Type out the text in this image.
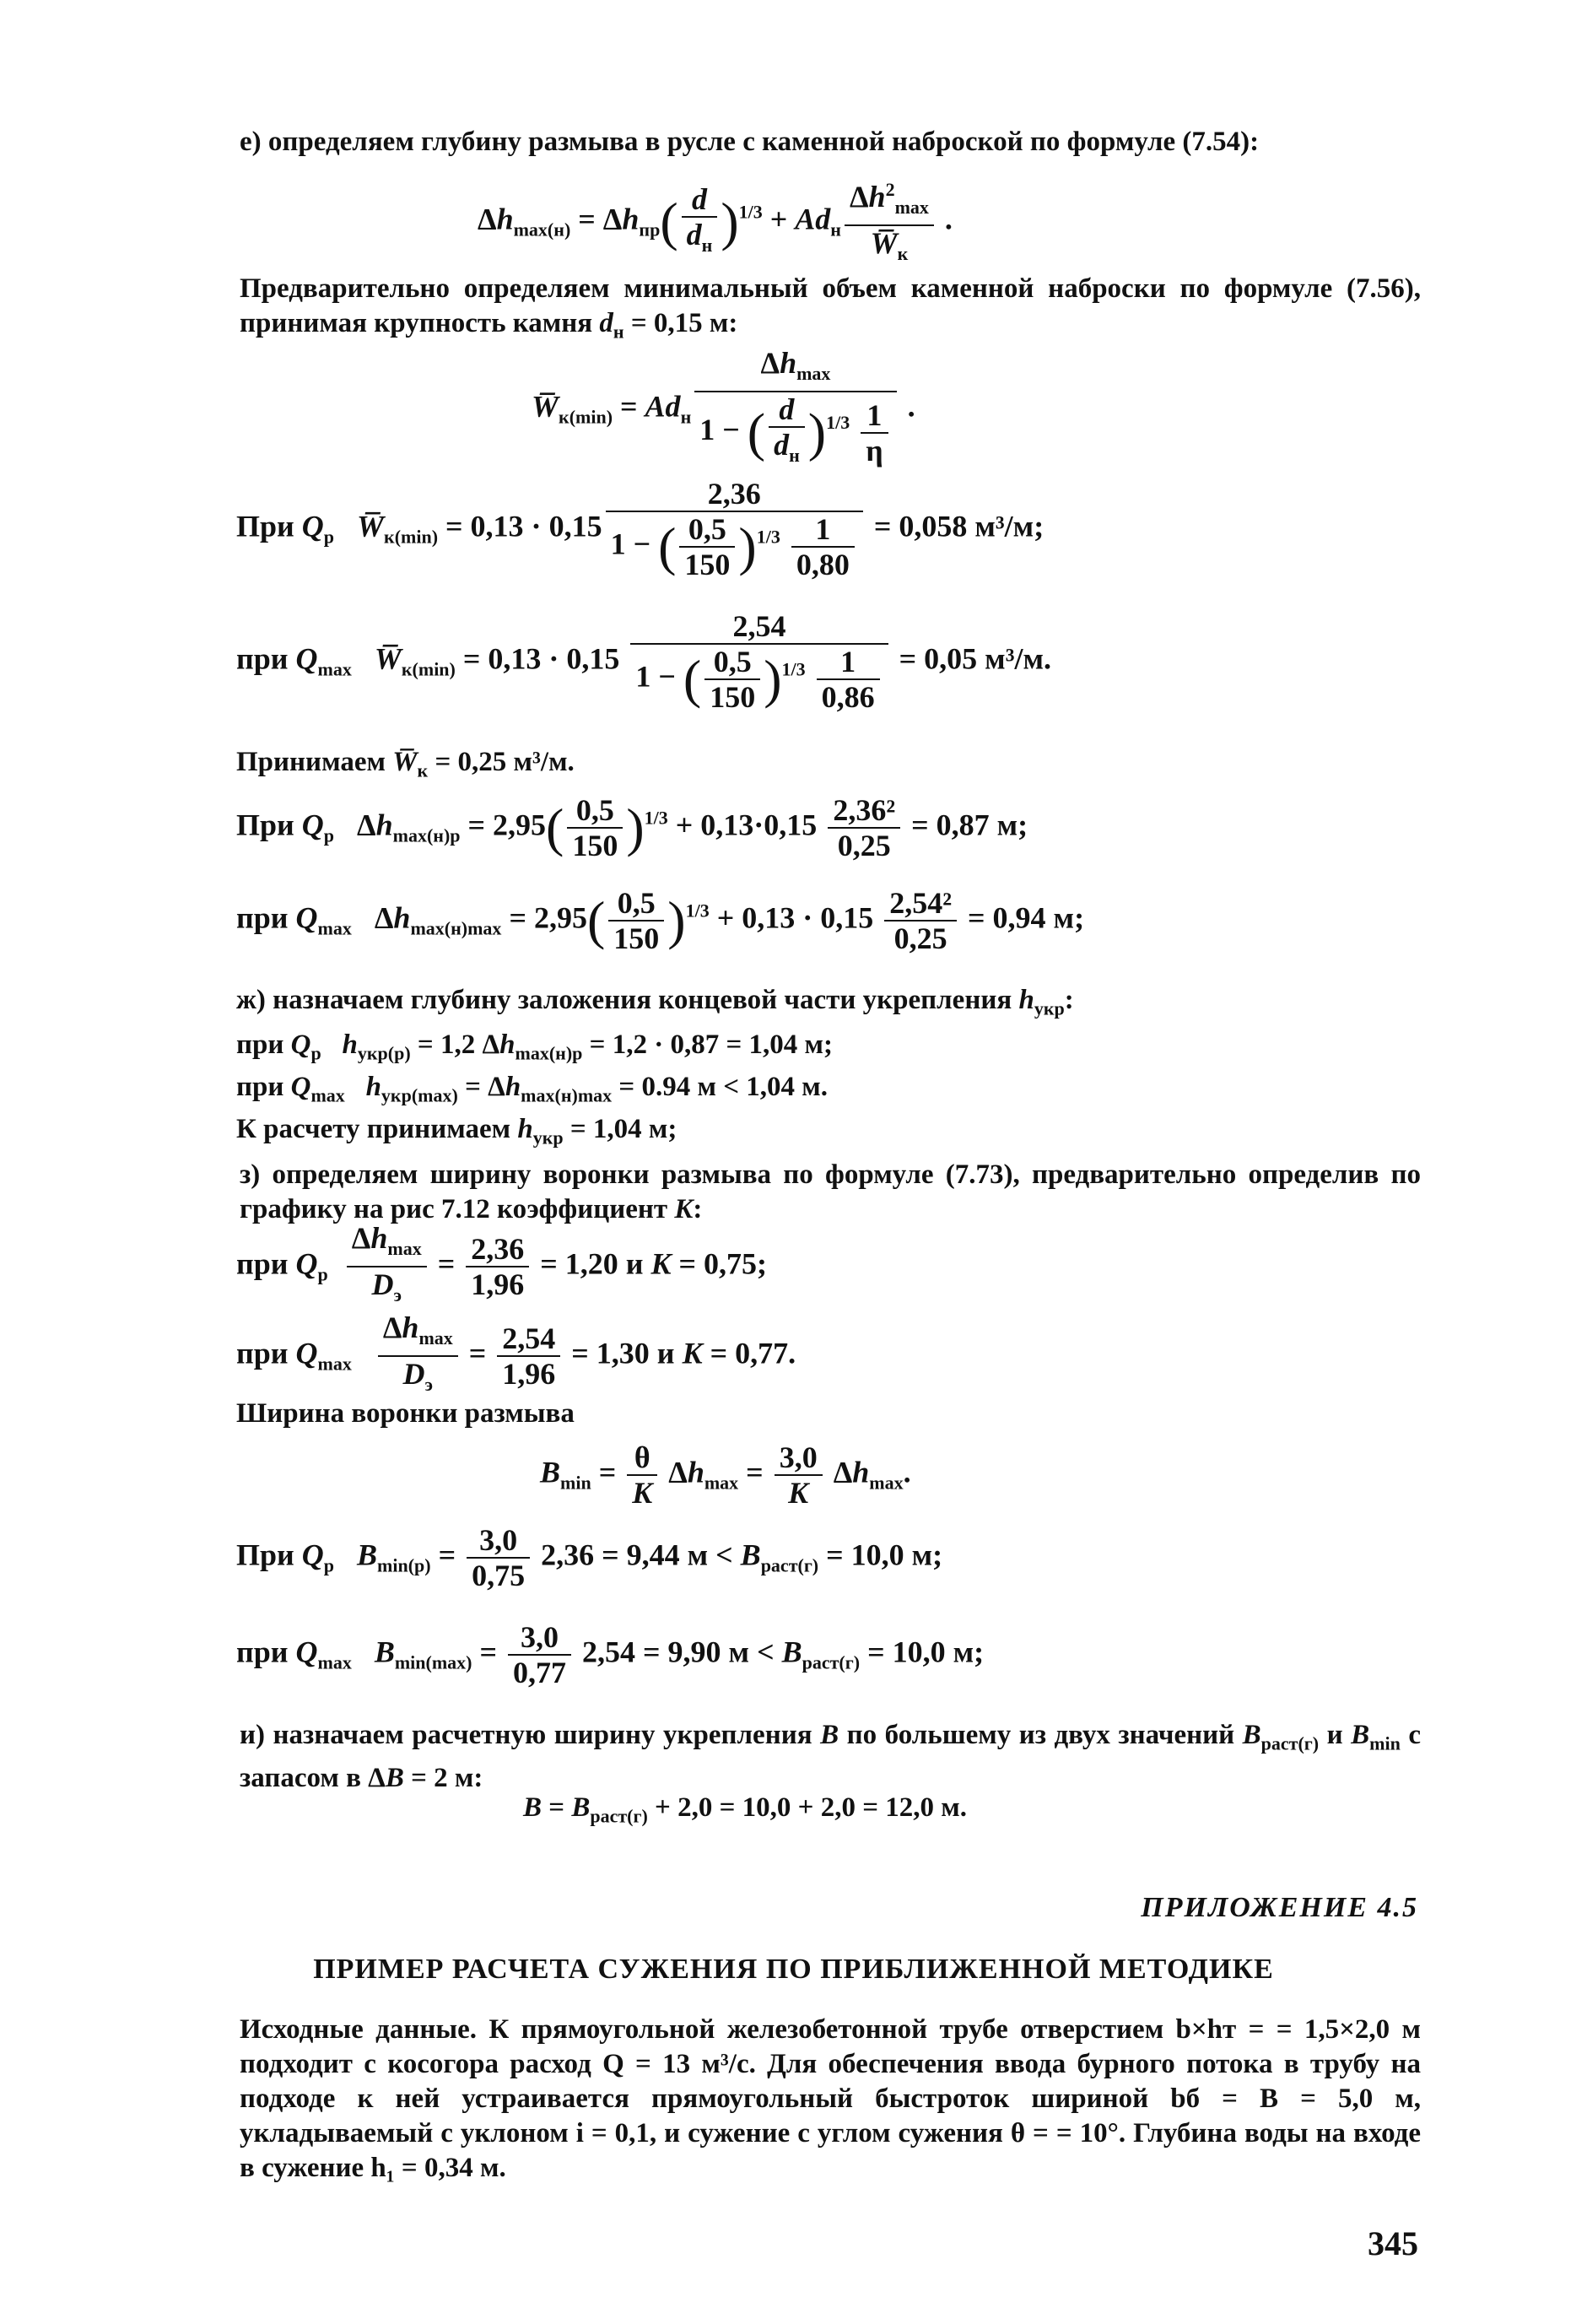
е) определяем глубину размыва в русле с каменной наброской по формуле (7.54):
$\Delta h_{max(н)} = \Delta h_{пр}( \frac{d}{d_н} )^{1/3} + Ad_н \frac{\Delta h^2_{max}}{W̅_к}$ .
Предварительно определяем минимальный объем каменной наброски по формуле (7.56), принимая крупность камня $d_н = 0,15$ м:
$W̅_{к(min)} = Ad_н \frac{\Delta h_{max}}{1 - ( \frac{d}{d_н} )^{1/3} \frac{1}{\eta}}$ .
При $Q_р$ $W̅_{к(min)} = 0,13 \cdot 0,15 \frac{2,36}{1 - ( \frac{0,5}{150} )^{1/3} \frac{1}{0,80}} = 0,058$ м³/м;
при $Q_{max}$ $W̅_{к(min)} = 0,13 \cdot 0,15 \frac{2,54}{1 - ( \frac{0,5}{150} )^{1/3} \frac{1}{0,86}} = 0,05$ м³/м.
Принимаем $W̅_к = 0,25$ м³/м.
При $Q_р$   $\Delta h_{max(н)р} = 2,95( \frac{0,5}{150} )^{1/3} + 0,13\cdot 0,15 \frac{\text{2,36²}}{0,25} = 0,87$ м;
при $Q_{max}$   $\Delta h_{max(н)max} = 2,95( \frac{0,5}{150} )^{1/3} + 0,13 \cdot 0,15 \frac{\text{2,54²}}{0,25} = 0,94$ м;
ж) назначаем глубину заложения концевой части укрепления $h_{укр}$:
при $Q_р$ $h_{укр(р)} = 1,2$ $\Delta h_{max(н)р} = 1,2 \cdot 0,87 = 1,04$ м;
при $Q_{max}$ $h_{укр(max)} = \Delta h_{max(н)max} = 0.94$ м < 1,04 м.
К расчету принимаем $h_{укр} = 1,04$ м;
з) определяем ширину воронки размыва по формуле (7.73), предварительно определив по графику на рис 7.12 коэффициент K:
при $Q_р \frac{\Delta h_{max}}{D_э} = \frac{2,36}{1,96} = 1,20$ и K = 0,75;
при $Q_{max} \frac{\Delta h_{max}}{D_э} = \frac{2,54}{1,96} = 1,30$ и K = 0,77.
Ширина воронки размыва
$B_{min} = \frac{\theta}{K} \Delta h_{max} = \frac{3,0}{K} \Delta h_{max}$.
При $Q_р$ $B_{min(р)} = \frac{3,0}{0,75} 2,36 = 9,44$ $м < B_{раст(г)} = 10,0$ м;
при $Q_{max}$ $B_{min(max)} = \frac{3,0}{0,77} 2,54 = 9,90$ $м < B_{раст(г)} = 10,0$ м;
и) назначаем расчетную ширину укрепления B по большему из двух значений $B_{раст(г)}$ и $B_{min}$ с запасом в ΔB = 2 м:
$B = B_{раст(г)} + 2,0 = 10,0 + 2,0 = 12,0$ м.
ПРИЛОЖЕНИЕ 4.5
ПРИМЕР РАСЧЕТА СУЖЕНИЯ ПО ПРИБЛИЖЕННОЙ МЕТОДИКЕ
Исходные данные. К прямоугольной железобетонной трубе отверстием b×hт = = 1,5×2,0 м подходит с косогора расход Q = 13 м³/с. Для обеспечения ввода бурного потока в трубу на подходе к ней устраивается прямоугольный быстроток шириной bб = B = 5,0 м, укладываемый с уклоном i = 0,1, и сужение с углом сужения θ = = 10°. Глубина воды на входе в сужение h₁ = 0,34 м.
345
